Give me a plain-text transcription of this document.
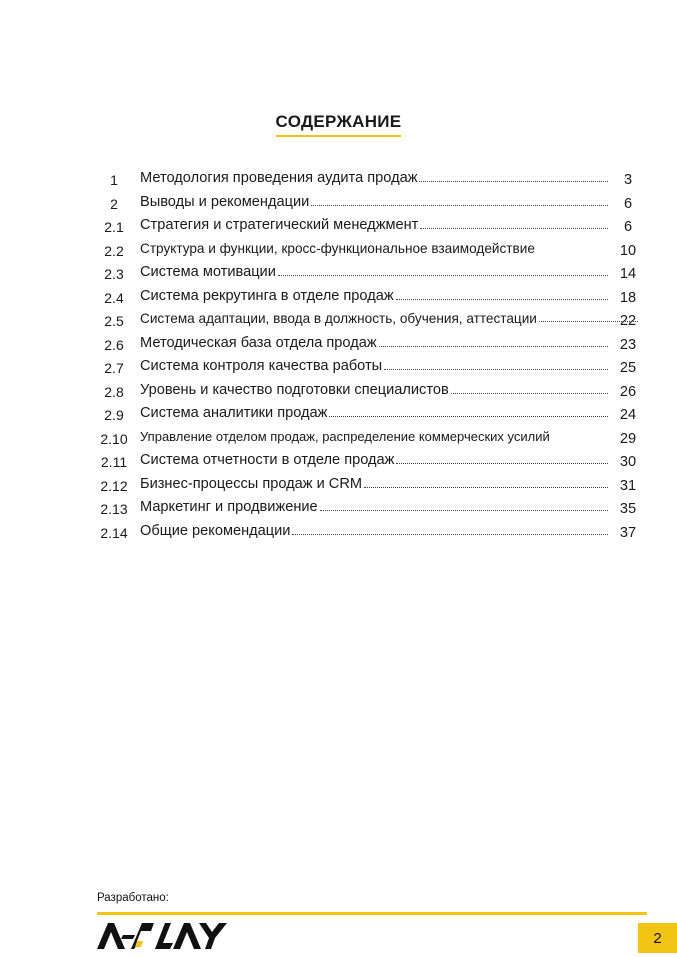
СОДЕРЖАНИЕ
1	Методология проведения аудита продаж	3
2	Выводы и рекомендации	6
2.1 Стратегия и стратегический менеджмент	6
2.2	Структура и функции, кросс-функциональное взаимодействие	10
2.3 Система мотивации	14
2.4 Система рекрутинга в отделе продаж	18
2.5	Система адаптации, ввода в должность, обучения, аттестации	22
2.6 Методическая база отдела продаж	23
2.7 Система контроля качества работы	25
2.8 Уровень и качество подготовки специалистов	26
2.9 Система аналитики продаж	24
2.10 Управление отделом продаж, распределение коммерческих усилий	29
2.11 Система отчетности в отделе продаж	30
2.12 Бизнес-процессы продаж и CRM	31
2.13 Маркетинг и продвижение	35
2.14 Общие рекомендации	37
Разработано:
2
